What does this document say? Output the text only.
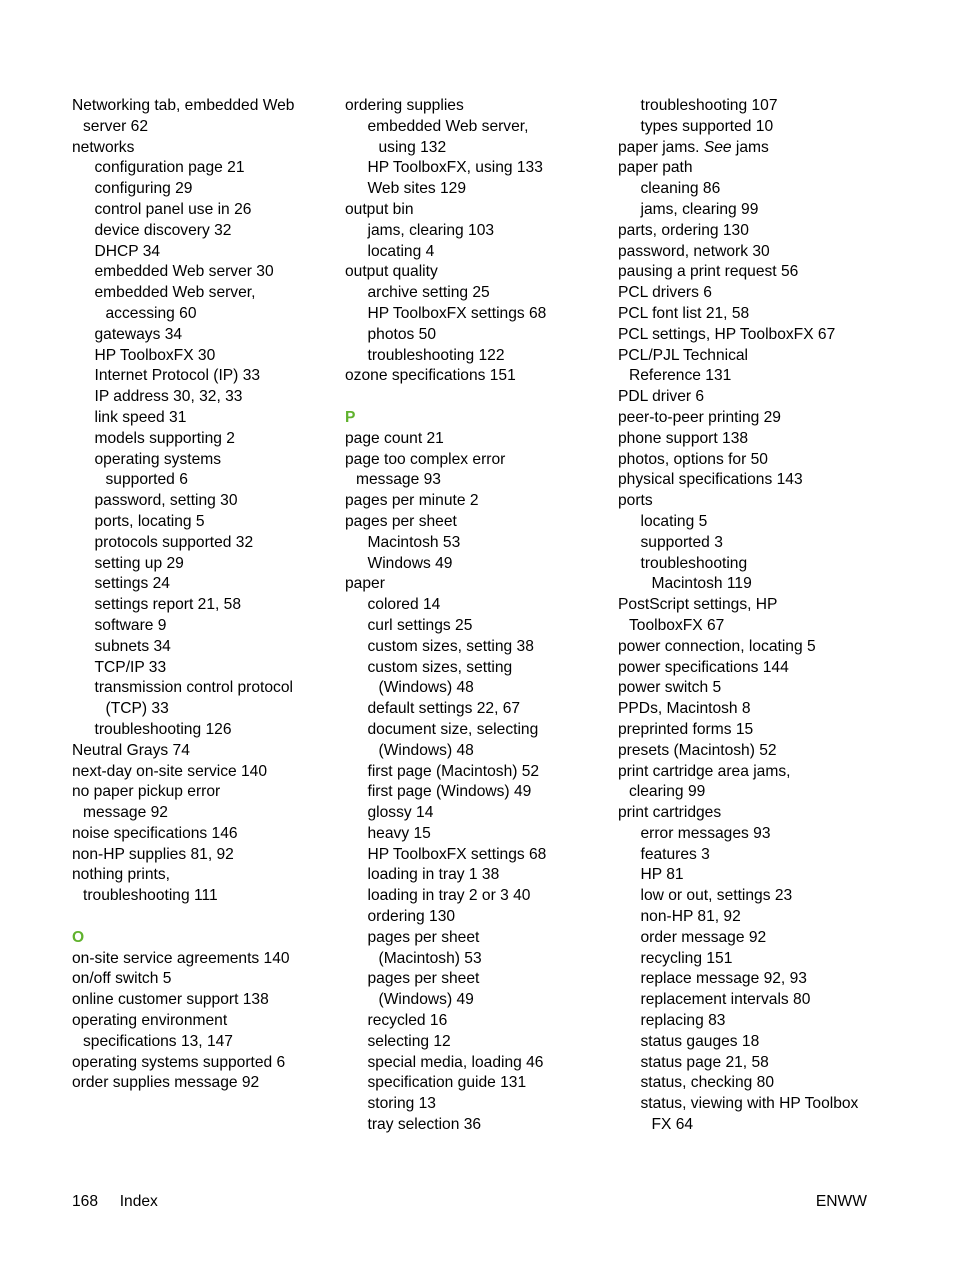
Networking tab, embedded Web
server 62
networks
configuration page 21
configuring 29
control panel use in 26
device discovery 32
DHCP 34
embedded Web server 30
embedded Web server,
accessing 60
gateways 34
HP ToolboxFX 30
Internet Protocol (IP) 33
IP address 30, 32, 33
link speed 31
models supporting 2
operating systems
supported 6
password, setting 30
ports, locating 5
protocols supported 32
setting up 29
settings 24
settings report 21, 58
software 9
subnets 34
TCP/IP 33
transmission control protocol
(TCP) 33
troubleshooting 126
Neutral Grays 74
next-day on-site service 140
no paper pickup error
message 92
noise specifications 146
non-HP supplies 81, 92
nothing prints,
troubleshooting 111
O
on-site service agreements 140
on/off switch 5
online customer support 138
operating environment
specifications 13, 147
operating systems supported 6
order supplies message 92
ordering supplies
embedded Web server,
using 132
HP ToolboxFX, using 133
Web sites 129
output bin
jams, clearing 103
locating 4
output quality
archive setting 25
HP ToolboxFX settings 68
photos 50
troubleshooting 122
ozone specifications 151
P
page count 21
page too complex error
message 93
pages per minute 2
pages per sheet
Macintosh 53
Windows 49
paper
colored 14
curl settings 25
custom sizes, setting 38
custom sizes, setting
(Windows) 48
default settings 22, 67
document size, selecting
(Windows) 48
first page (Macintosh) 52
first page (Windows) 49
glossy 14
heavy 15
HP ToolboxFX settings 68
loading in tray 1 38
loading in tray 2 or 3 40
ordering 130
pages per sheet
(Macintosh) 53
pages per sheet
(Windows) 49
recycled 16
selecting 12
special media, loading 46
specification guide 131
storing 13
tray selection 36
troubleshooting 107
types supported 10
paper jams. See jams
paper path
cleaning 86
jams, clearing 99
parts, ordering 130
password, network 30
pausing a print request 56
PCL drivers 6
PCL font list 21, 58
PCL settings, HP ToolboxFX 67
PCL/PJL Technical
Reference 131
PDL driver 6
peer-to-peer printing 29
phone support 138
photos, options for 50
physical specifications 143
ports
locating 5
supported 3
troubleshooting
Macintosh 119
PostScript settings, HP
ToolboxFX 67
power connection, locating 5
power specifications 144
power switch 5
PPDs, Macintosh 8
preprinted forms 15
presets (Macintosh) 52
print cartridge area jams,
clearing 99
print cartridges
error messages 93
features 3
HP 81
low or out, settings 23
non-HP 81, 92
order message 92
recycling 151
replace message 92, 93
replacement intervals 80
replacing 83
status gauges 18
status page 21, 58
status, checking 80
status, viewing with HP Toolbox
FX 64
168 Index	ENWW
